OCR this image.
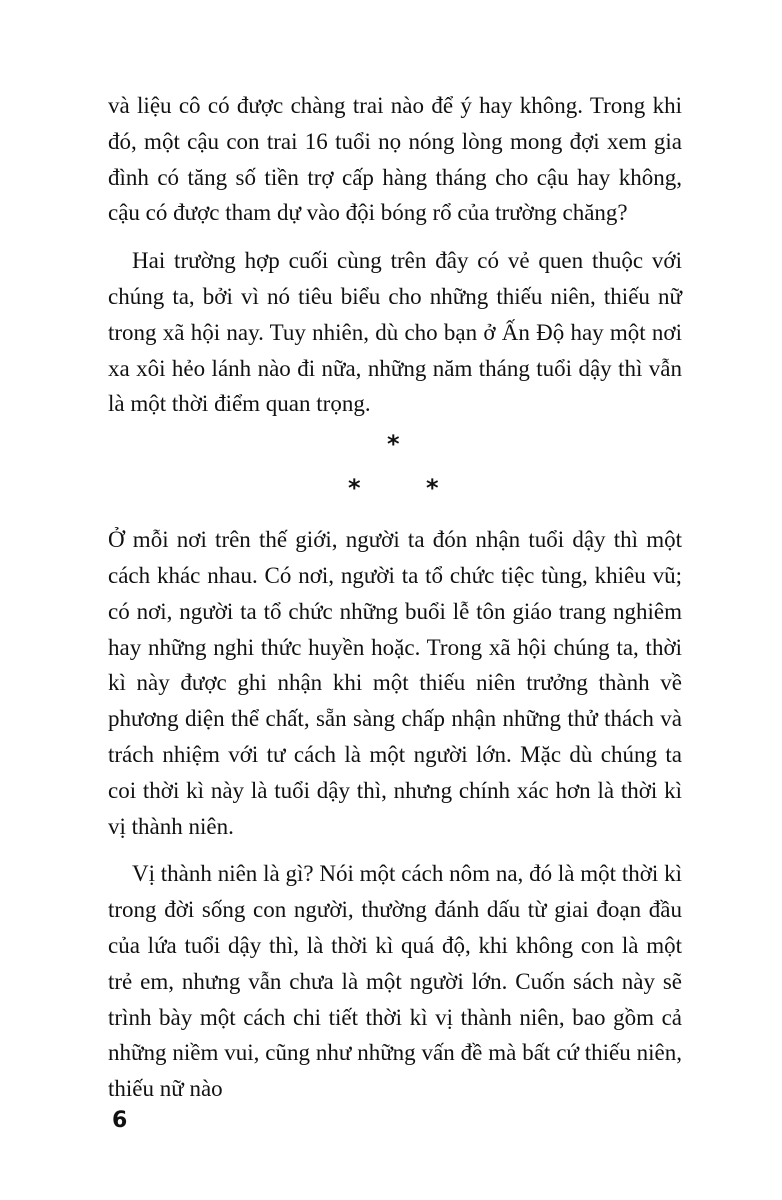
và liệu cô có được chàng trai nào để ý hay không. Trong khi đó, một cậu con trai 16 tuổi nọ nóng lòng mong đợi xem gia đình có tăng số tiền trợ cấp hàng tháng cho cậu hay không, cậu có được tham dự vào đội bóng rổ của trường chăng?

Hai trường hợp cuối cùng trên đây có vẻ quen thuộc với chúng ta, bởi vì nó tiêu biểu cho những thiếu niên, thiếu nữ trong xã hội nay. Tuy nhiên, dù cho bạn ở Ấn Độ hay một nơi xa xôi hẻo lánh nào đi nữa, những năm tháng tuổi dậy thì vẫn là một thời điểm quan trọng.

*
*	*

Ở mỗi nơi trên thế giới, người ta đón nhận tuổi dậy thì một cách khác nhau. Có nơi, người ta tổ chức tiệc tùng, khiêu vũ; có nơi, người ta tổ chức những buổi lễ tôn giáo trang nghiêm hay những nghi thức huyền hoặc. Trong xã hội chúng ta, thời kì này được ghi nhận khi một thiếu niên trưởng thành về phương diện thể chất, sẵn sàng chấp nhận những thử thách và trách nhiệm với tư cách là một người lớn. Mặc dù chúng ta coi thời kì này là tuổi dậy thì, nhưng chính xác hơn là thời kì vị thành niên.

Vị thành niên là gì? Nói một cách nôm na, đó là một thời kì trong đời sống con người, thường đánh dấu từ giai đoạn đầu của lứa tuổi dậy thì, là thời kì quá độ, khi không con là một trẻ em, nhưng vẫn chưa là một người lớn. Cuốn sách này sẽ trình bày một cách chi tiết thời kì vị thành niên, bao gồm cả những niềm vui, cũng như những vấn đề mà bất cứ thiếu niên, thiếu nữ nào

6
